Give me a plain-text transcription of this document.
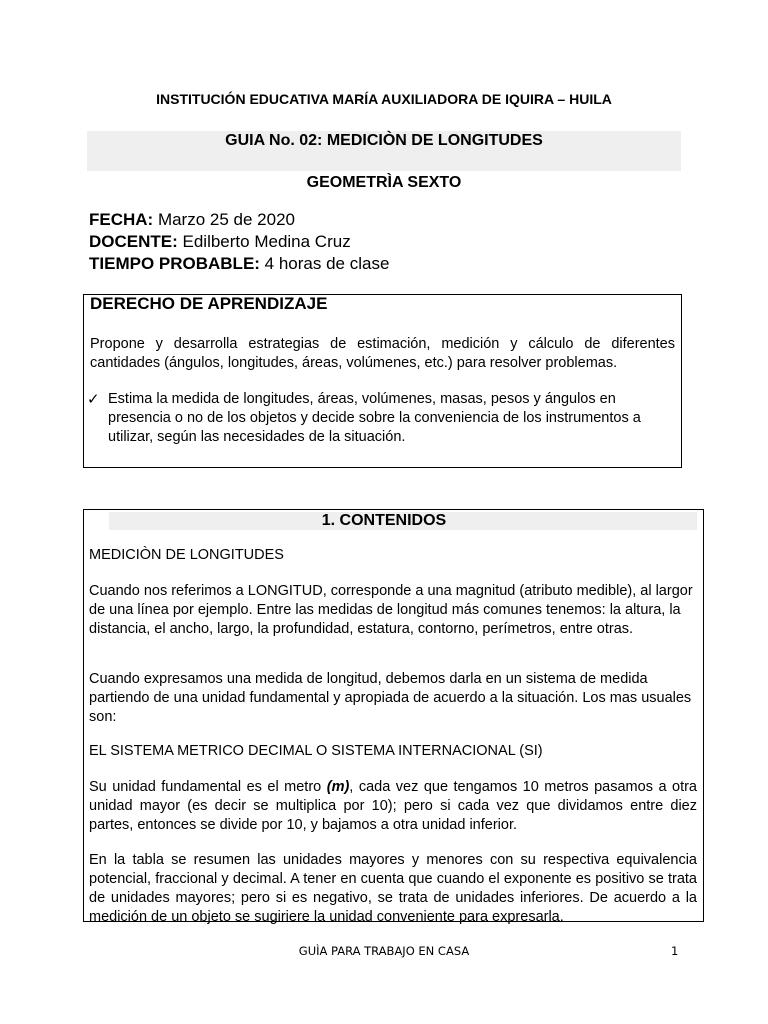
INSTITUCIÓN EDUCATIVA MARÍA AUXILIADORA DE IQUIRA – HUILA
GUIA No. 02: MEDICIÒN DE LONGITUDES
GEOMETRÌA SEXTO
FECHA: Marzo 25 de 2020
DOCENTE: Edilberto Medina Cruz
TIEMPO PROBABLE: 4 horas de clase
DERECHO DE APRENDIZAJE
Propone y desarrolla estrategias de estimación, medición y cálculo de diferentes cantidades (ángulos, longitudes, áreas, volúmenes, etc.) para resolver problemas.
✓ Estima la medida de longitudes, áreas, volúmenes, masas, pesos y ángulos en presencia o no de los objetos y decide sobre la conveniencia de los instrumentos a utilizar, según las necesidades de la situación.
1. CONTENIDOS
MEDICIÒN DE LONGITUDES
Cuando nos referimos a LONGITUD, corresponde a una magnitud (atributo medible), al largor de una línea por ejemplo. Entre las medidas de longitud más comunes tenemos: la altura, la distancia, el ancho, largo, la profundidad, estatura, contorno, perímetros, entre otras.
Cuando expresamos una medida de longitud, debemos darla en un sistema de medida partiendo de una unidad fundamental y apropiada de acuerdo a la situación. Los mas usuales son:
EL SISTEMA METRICO DECIMAL O SISTEMA INTERNACIONAL (SI)
Su unidad fundamental es el metro (m), cada vez que tengamos 10 metros pasamos a otra unidad mayor (es decir se multiplica por 10); pero si cada vez que dividamos entre diez partes, entonces se divide por 10, y bajamos a otra unidad inferior.
En la tabla se resumen las unidades mayores y menores con su respectiva equivalencia potencial, fraccional y decimal. A tener en cuenta que cuando el exponente es positivo se trata de unidades mayores; pero si es negativo, se trata de unidades inferiores. De acuerdo a la medición de un objeto se sugiriere la unidad conveniente para expresarla.
GUÌA PARA TRABAJO EN CASA	1
